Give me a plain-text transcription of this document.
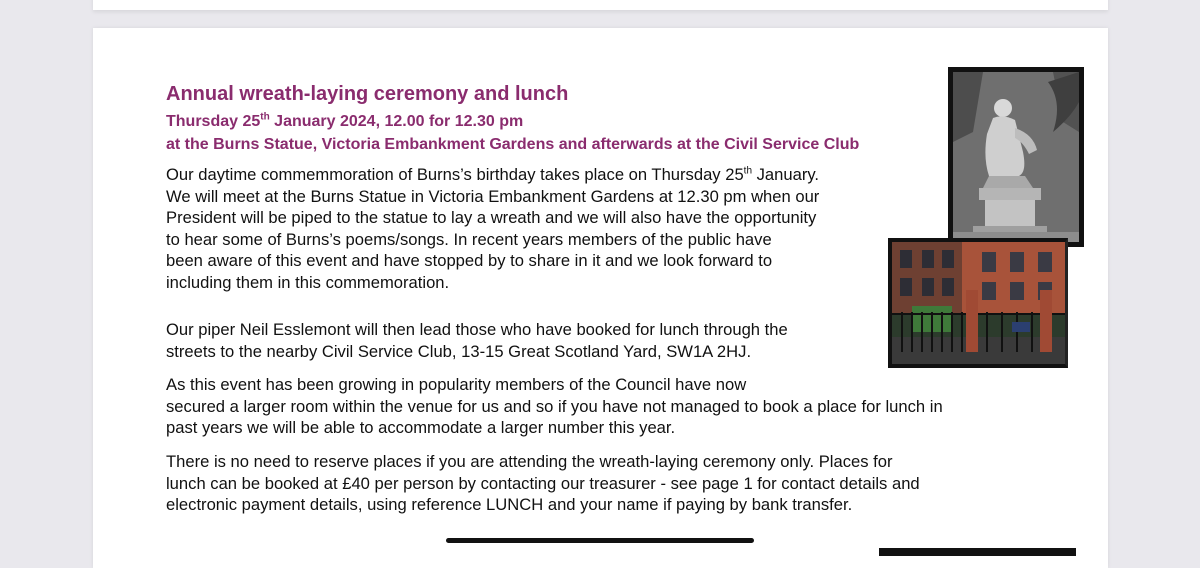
Annual wreath-laying ceremony and lunch
Thursday 25th January 2024, 12.00 for 12.30 pm
at the Burns Statue, Victoria Embankment Gardens and afterwards at the Civil Service Club

Our daytime commemmoration of Burns’s birthday takes place on Thursday 25th January.
We will meet at the Burns Statue in Victoria Embankment Gardens at 12.30 pm when our
President will be piped to the statue to lay a wreath and we will also have the opportunity
to hear some of Burns’s poems/songs. In recent years members of the public have
been aware of this event and have stopped by to share in it and we look forward to
including them in this commemoration.

Our piper Neil Esslemont will then lead those who have booked for lunch through the
streets to the nearby Civil Service Club, 13-15 Great Scotland Yard, SW1A 2HJ.

As this event has been growing in popularity members of the Council have now
secured a larger room within the venue for us and so if you have not managed to book a place for lunch in
past years we will be able to accommodate a larger number this year.

There is no need to reserve places if you are attending the wreath-laying ceremony only. Places for
lunch can be booked at £40 per person by contacting our treasurer - see page 1 for contact details and
electronic payment details, using reference LUNCH and your name if paying by bank transfer.
